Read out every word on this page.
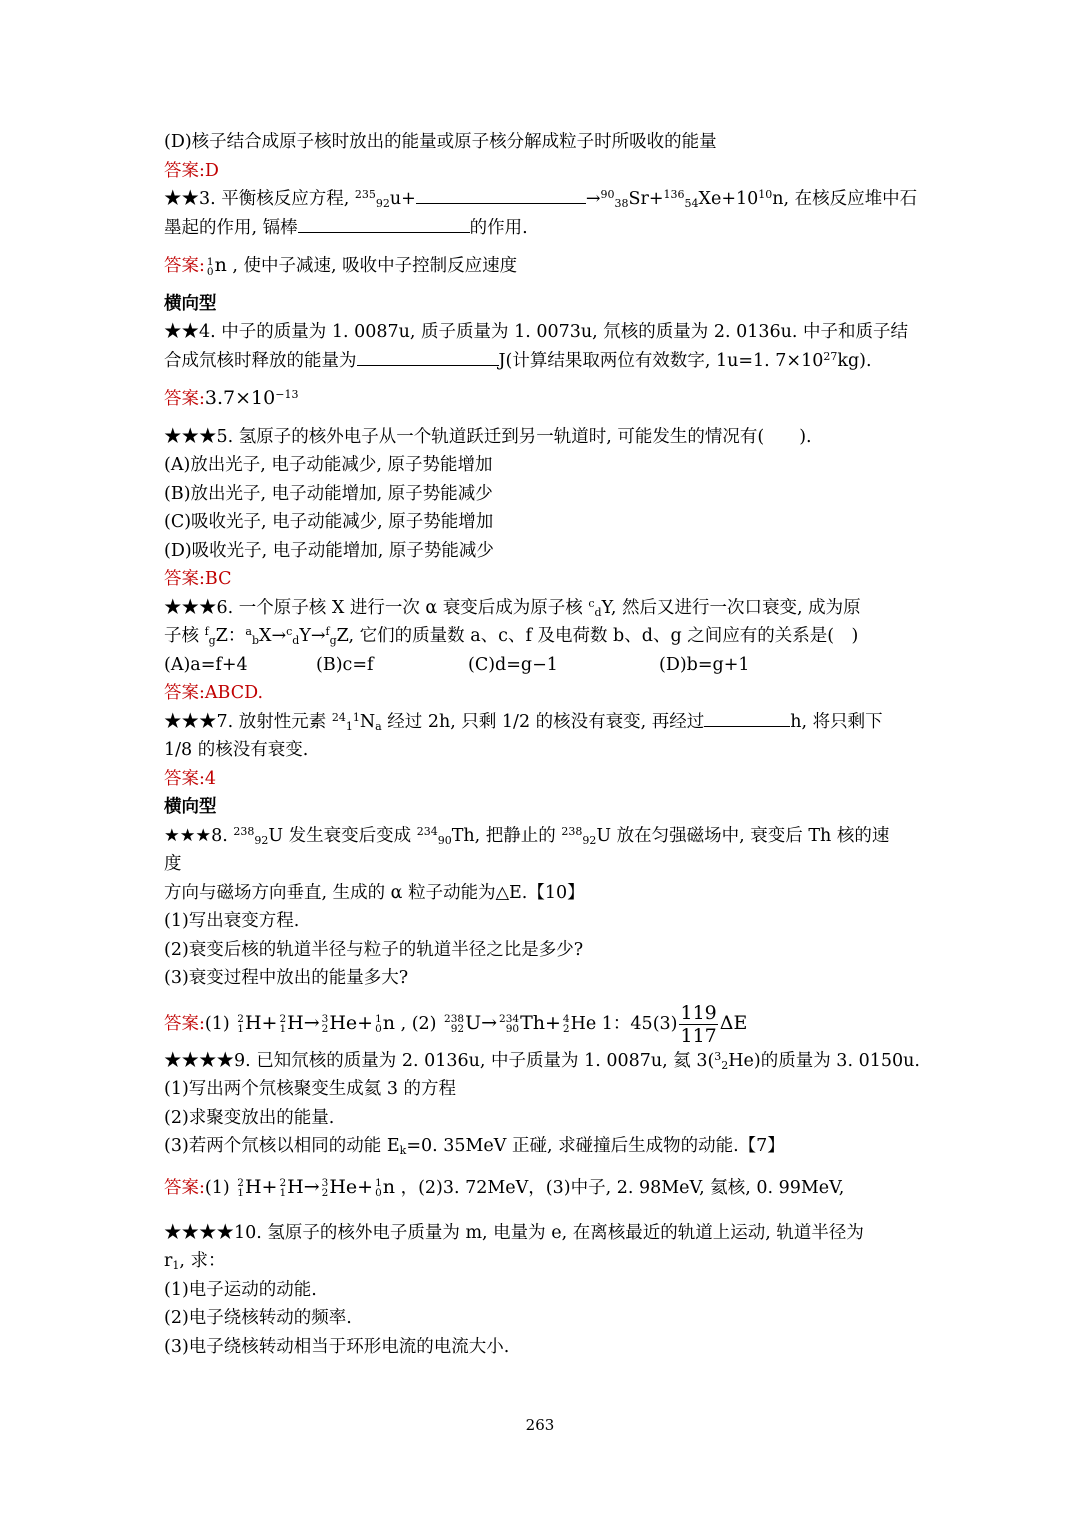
(D)核子结合成原子核时放出的能量或原子核分解成粒子时所吸收的能量
答案:D
★★3. 平衡核反应方程, $^{235}_{92}$u+	$\to^{90}_{38}Sr+^{136}_{54}Xe+10^{10}n$, 在核反应堆中石
墨起的作用, 镉棒	的作用.
答案: 1
0 n , 使中子减速, 吸收中子控制反应速度
横向型
★★4. 中子的质量为 1. 0087u, 质子质量为 1. 0073u, 氘核的质量为 2. 0136u. 中子和质子结
合成氘核时释放的能量为	J(计算结果取两位有效数字, 1u=1. $7\times 10^{27}kg$).
答案$:3.7\times 10^{-13}$
★★★5. 氢原子的核外电子从一个轨道跃迁到另一轨道时, 可能发生的情况有(　　).
(A)放出光子, 电子动能减少, 原子势能增加
(B)放出光子, 电子动能增加, 原子势能减少
(C)吸收光子, 电子动能减少, 原子势能增加
(D)吸收光子, 电子动能增加, 原子势能减少
答案:BC
★★★6. 一个原子核 X 进行一次 α 衰变后成为原子核 $^c_d$Y, 然后又进行一次口衰变, 成为原
子核 $^f_g$Z：$^a_b$X→$^c_d$Y→$^f_g$Z, 它们的质量数 a、c、f 及电荷数 b、d、g 之间应有的关系是(　)
(A)a=f+4	(B)c=f	(C)d=g−1	(D)b=g+1
答案:ABCD.
★★★7. 放射性元素 $^{24}_1^1N_a$ 经过 2h, 只剩 1/2 的核没有衰变, 再经过	h, 将只剩下
1/8 的核没有衰变.
答案:4
横向型
★★★8. $^{238}_{92}$U 发生衰变后变成 $^{234}_{90}$Th, 把静止的 $^{238}_{92}$U 放在匀强磁场中, 衰变后 Th 核的速
度
方向与磁场方向垂直, 生成的 α 粒子动能为△E.【10】
(1)写出衰变方程.
(2)衰变后核的轨道半径与粒子的轨道半径之比是多少?
(3)衰变过程中放出的能量多大?
答案:(1) 2
1 H+ 2
1 H→ 3
2 He+ 1
0 n , (2) 238
92 U→ 234
90 Th+ 4
2 He 1：$45(3) \frac{119}{117}$ ΔE
★★★★9. 已知氘核的质量为 2. 0136u, 中子质量为 1. 0087u, 氦 3($^3_2$He)的质量为 3. 0150u.
(1)写出两个氘核聚变生成氦 3 的方程
(2)求聚变放出的能量.
(3)若两个氘核以相同的动能 $E_k=0$. 35MeV 正碰, 求碰撞后生成物的动能.【7】
答案:(1) 2
1 H+ 2
1 H→ 3
2 He+ 1
0 n ，(2)3. 72MeV，(3)中子, 2. 98MeV, 氦核, 0. 99MeV,
★★★★10. 氢原子的核外电子质量为 m, 电量为 e, 在离核最近的轨道上运动, 轨道半径为
$r_1$, 求：
(1)电子运动的动能.
(2)电子绕核转动的频率.
(3)电子绕核转动相当于环形电流的电流大小.
263
